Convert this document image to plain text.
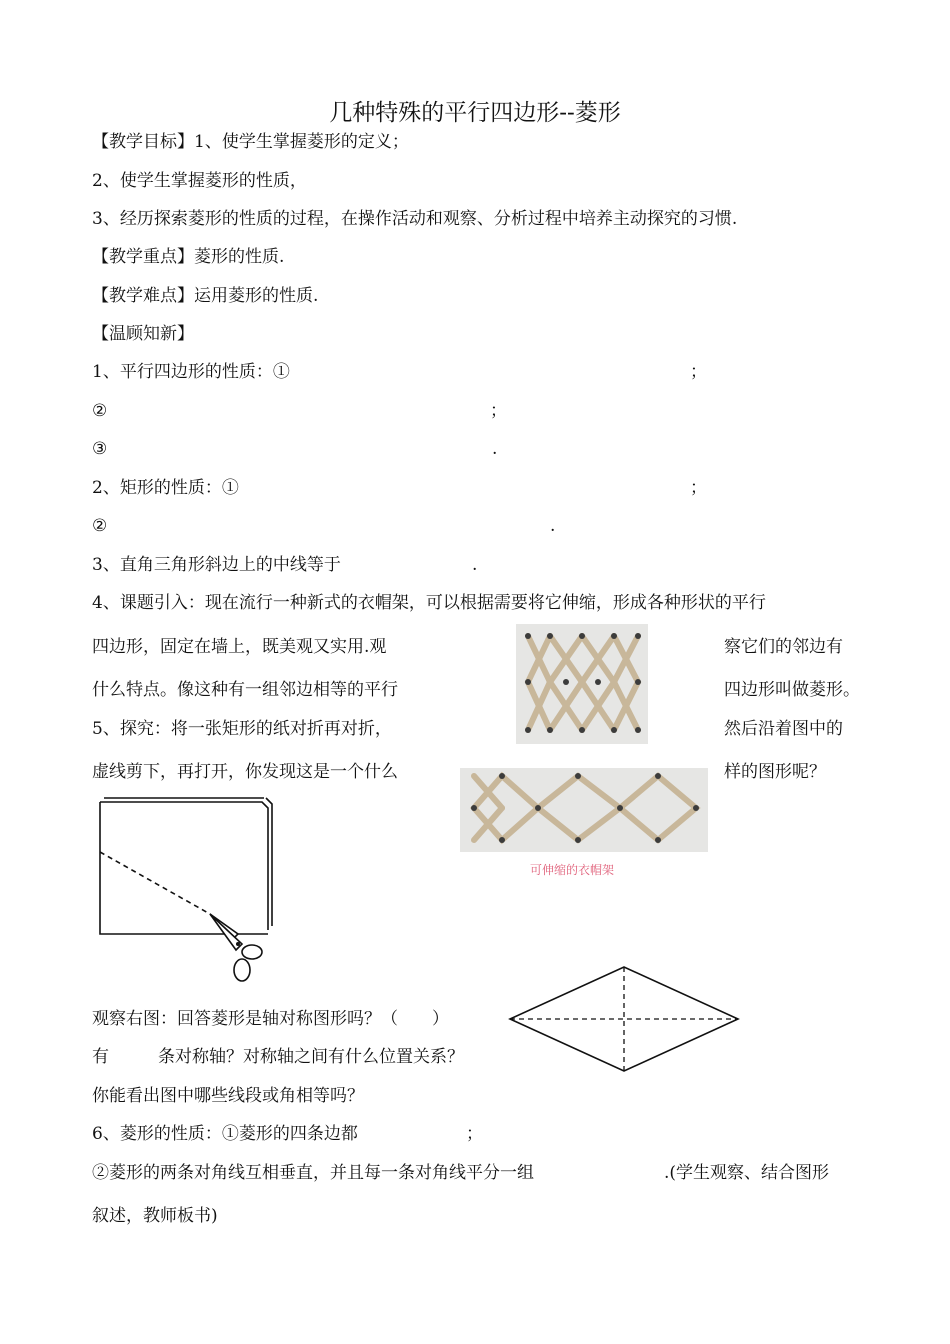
几种特殊的平行四边形--菱形
【教学目标】1、使学生掌握菱形的定义；
2、使学生掌握菱形的性质，
3、经历探索菱形的性质的过程，在操作活动和观察、分析过程中培养主动探究的习惯.
【教学重点】菱形的性质.
【教学难点】运用菱形的性质.
【温顾知新】
1、平行四边形的性质：①	；
②	；
③	.
2、矩形的性质：①	；
②	.
3、直角三角形斜边上的中线等于	.
4、课题引入：现在流行一种新式的衣帽架，可以根据需要将它伸缩，形成各种形状的平行
四边形，固定在墙上，既美观又实用.观	察它们的邻边有
什么特点。像这种有一组邻边相等的平行	四边形叫做菱形。
5、探究：将一张矩形的纸对折再对折，	然后沿着图中的
虚线剪下，再打开，你发现这是一个什么	样的图形呢？
可伸缩的衣帽架
观察右图：回答菱形是轴对称图形吗？（　　）
有	条对称轴？对称轴之间有什么位置关系？
你能看出图中哪些线段或角相等吗？
6、菱形的性质：①菱形的四条边都	；
②菱形的两条对角线互相垂直，并且每一条对角线平分一组	.(学生观察、结合图形
叙述，教师板书)
